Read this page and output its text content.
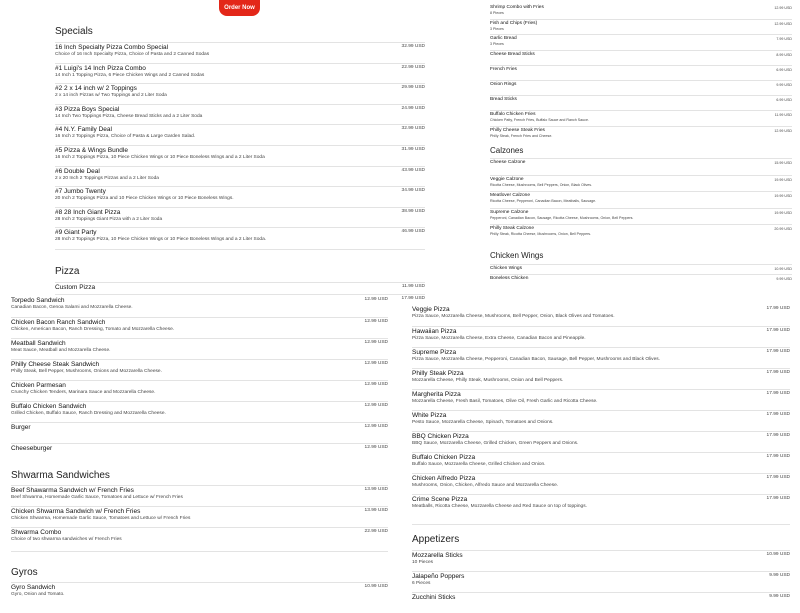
Order Now
Specials
16 Inch Specialty Pizza Combo Special
Choice of 16 Inch Specialty Pizza, Choice of Pasta and 2 Canned Sodas
32.99 USD
#1 Luigi's 14 Inch Pizza Combo
14 Inch 1 Topping Pizza, 6 Piece Chicken Wings and 2 Canned Sodas
22.99 USD
#2 2 x 14 inch w/ 2 Toppings
2 x 14 inch Pizzas w/ Two Toppings and 2 Liter Soda
29.99 USD
#3 Pizza Boys Special
14 Inch Two Toppings Pizza, Cheese Bread Sticks and a 2 Liter Soda
24.99 USD
#4 N.Y. Family Deal
16 Inch 2 Toppings Pizza, Choice of Pasta & Large Garden Salad.
32.99 USD
#5 Pizza & Wings Bundle
16 Inch 2 Toppings Pizza, 10 Piece Chicken Wings or 10 Piece Boneless Wings and a 2 Liter Soda
31.99 USD
#6 Double Deal
2 x 20 Inch 2 Toppings Pizzas and a 2 Liter Soda
43.99 USD
#7 Jumbo Twenty
20 Inch 2 Toppings Pizza and 10 Piece Chicken Wings or 10 Piece Boneless Wings.
34.99 USD
#8 28 Inch Giant Pizza
28 Inch 2 Toppings Giant Pizza with a 2 Liter Soda
38.99 USD
#9 Giant Party
28 Inch 2 Toppings Pizza, 10 Piece Chicken Wings or 10 Piece Boneless Wings and a 2 Liter Soda.
46.99 USD
Pizza
Custom Pizza	11.99 USD
17.99 USD
Shrimp Combo with Fries
8 Pieces
12.99 USD
Fish and Chips (Fries)
3 Pieces
12.99 USD
Garlic Bread
3 Pieces
7.99 USD
Cheese Bread Sticks	8.99 USD
French Fries	6.99 USD
Onion Rings	9.99 USD
Bread Sticks	6.99 USD
Buffalo Chicken Fries
Chicken Patty, French Fries, Buffalo Sauce and Ranch Sauce.
11.99 USD
Philly Cheese Steak Fries
Philly Steak, French Fries and Cheese.
12.99 USD
Calzones
Cheese Calzone	15.99 USD
Veggie Calzone
Ricotta Cheese, Mushrooms, Bell Peppers, Onion, Black Olives.
19.99 USD
Meatlover Calzone
Ricotta Cheese, Pepperoni, Canadian Bacon, Meatballs, Sausage.
19.99 USD
Supreme Calzone
Pepperoni, Canadian Bacon, Sausage, Ricotta Cheese, Mushrooms, Onion, Bell Peppers.
19.99 USD
Philly Steak Calzone
Philly Steak, Ricotta Cheese, Mushrooms, Onion, Bell Peppers.
20.99 USD
Chicken Wings
Chicken Wings	10.99 USD
Boneless Chicken	9.99 USD
Torpedo Sandwich
Canadian Bacon, Genoa Salami and Mozzarella Cheese.
12.99 USD
Chicken Bacon Ranch Sandwich
Chicken, American Bacon, Ranch Dressing, Tomato and Mozzarella Cheese.
12.99 USD
Meatball Sandwich
Meat Sauce, Meatball and Mozzarella Cheese.
12.99 USD
Philly Cheese Steak Sandwich
Philly Steak, Bell Pepper, Mushrooms, Onions and Mozzarella Cheese.
12.99 USD
Chicken Parmesan
Crunchy Chicken Tenders, Marinara Sauce and Mozzarella Cheese.
12.99 USD
Buffalo Chicken Sandwich
Grilled Chicken, Buffalo Sauce, Ranch Dressing and Mozzarella Cheese.
12.99 USD
Burger	12.99 USD
Cheeseburger	12.99 USD
Shwarma Sandwiches
Beef Shawarma Sandwich w/ French Fries
Beef Shwarma, Homemade Garlic Sauce, Tomatoes and Lettuce w/ French Fries
13.99 USD
Chicken Shwarma Sandwich w/ French Fries
Chicken Shwarma, Homemade Garlic Sauce, Tomatoes and Lettuce w/ French Fries
13.99 USD
Shwarma Combo
Choice of two shwarma sandwiches w/ French Fries
22.99 USD
Gyros
Gyro Sandwich
Gyro, Onion and Tomato.
10.99 USD
Veggie Pizza
Pizza Sauce, Mozzarella Cheese, Mushrooms, Bell Pepper, Onion, Black Olives and Tomatoes.
17.99 USD
Hawaiian Pizza
Pizza Sauce, Mozzarella Cheese, Extra Cheese, Canadian Bacon and Pineapple.
17.99 USD
Supreme Pizza
Pizza Sauce, Mozzarella Cheese, Pepperoni, Canadian Bacon, Sausage, Bell Pepper, Mushrooms and Black Olives.
17.99 USD
Philly Steak Pizza
Mozzarella Cheese, Philly Steak, Mushrooms, Onion and Bell Peppers.
17.99 USD
Margherita Pizza
Mozzarella Cheese, Fresh Basil, Tomatoes, Olive Oil, Fresh Garlic and Ricotta Cheese.
17.99 USD
White Pizza
Pesto Sauce, Mozzarella Cheese, Spinach, Tomatoes and Onions.
17.99 USD
BBQ Chicken Pizza
BBQ Sauce, Mozzarella Cheese, Grilled Chicken, Green Peppers and Onions.
17.99 USD
Buffalo Chicken Pizza
Buffalo Sauce, Mozzarella Cheese, Grilled Chicken and Onion.
17.99 USD
Chicken Alfredo Pizza
Mushrooms, Onion, Chicken, Alfredo Sauce and Mozzarella Cheese.
17.99 USD
Crime Scene Pizza
Meatballs, Ricotta Cheese, Mozzarella Cheese and Red Sauce on top of toppings.
17.99 USD
Appetizers
Mozzarella Sticks
10 Pieces
10.99 USD
Jalapeño Poppers
6 Pieces
9.99 USD
Zucchini Sticks	9.99 USD
